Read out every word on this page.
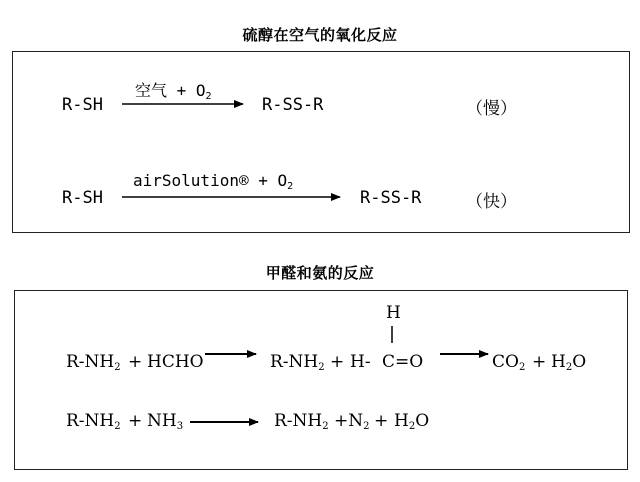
硫醇在空气的氧化反应
R-SH
空气 + $O_2$	R-SS-R	（慢）
R-SH
airSolution® + $O_2$
R-SS-R	（快）
甲醛和氨的反应
$R-NH_2$ + HCHO	$R-NH_2 + H-$
H
C=O	$CO_2 + H_2O$
$R-NH_2 + NH_3$	$R-NH_2 +N_2 + H_2O$
